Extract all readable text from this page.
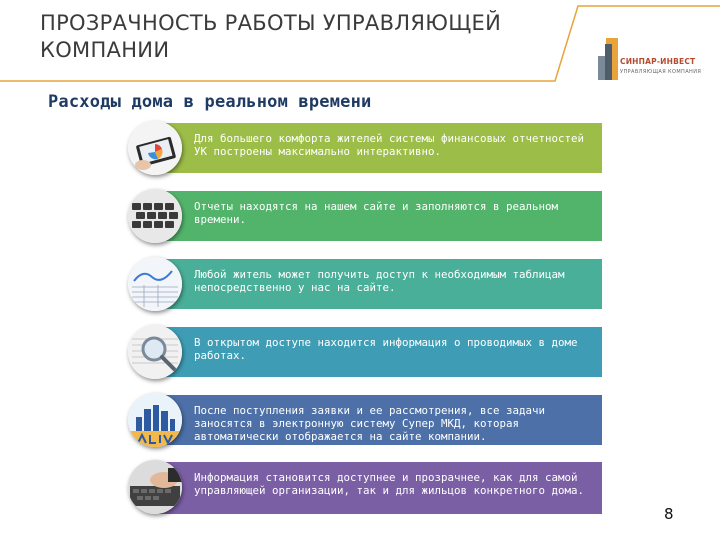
ПРОЗРАЧНОСТЬ РАБОТЫ УПРАВЛЯЮЩЕЙ
КОМПАНИИ	СИНПАР-ИНВЕСТ
УПРАВЛЯЮЩАЯ КОМПАНИЯ
Расходы дома в реальном времени
Для большего комфорта жителей системы финансовых отчетностей УК построены максимально интерактивно.
Отчеты находятся на нашем сайте и заполняются в реальном времени.
Любой житель может получить доступ к необходимым таблицам непосредственно у нас на сайте.
В открытом доступе находится информация о проводимых в доме работах.
После поступления заявки и ее рассмотрения, все задачи заносятся в электронную систему Супер МКД, которая автоматически отображается на сайте компании.
Информация становится доступнее и прозрачнее, как для самой управляющей организации, так и для жильцов конкретного дома.
8
